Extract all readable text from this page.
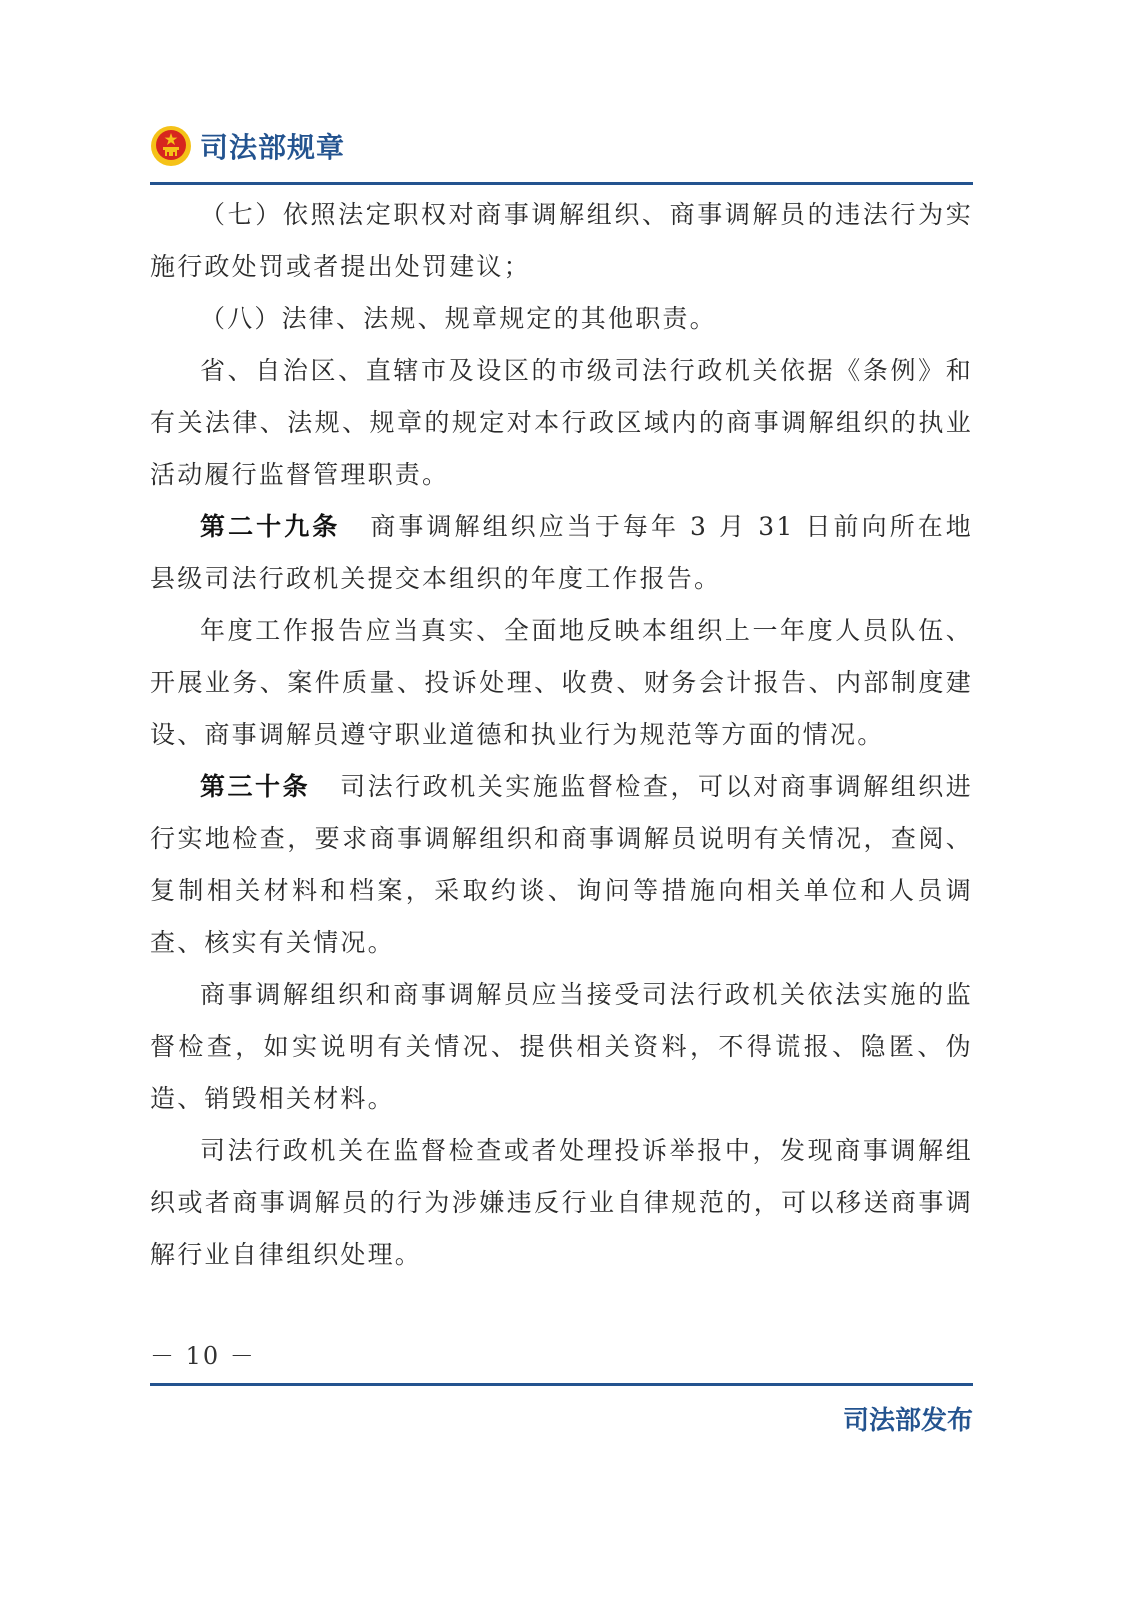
司法部规章

（七）依照法定职权对商事调解组织、商事调解员的违法行为实施行政处罚或者提出处罚建议；

（八）法律、法规、规章规定的其他职责。

省、自治区、直辖市及设区的市级司法行政机关依据《条例》和有关法律、法规、规章的规定对本行政区域内的商事调解组织的执业活动履行监督管理职责。

第二十九条 商事调解组织应当于每年 3 月 31 日前向所在地县级司法行政机关提交本组织的年度工作报告。

年度工作报告应当真实、全面地反映本组织上一年度人员队伍、开展业务、案件质量、投诉处理、收费、财务会计报告、内部制度建设、商事调解员遵守职业道德和执业行为规范等方面的情况。

第三十条 司法行政机关实施监督检查，可以对商事调解组织进行实地检查，要求商事调解组织和商事调解员说明有关情况，查阅、复制相关材料和档案，采取约谈、询问等措施向相关单位和人员调查、核实有关情况。

商事调解组织和商事调解员应当接受司法行政机关依法实施的监督检查，如实说明有关情况、提供相关资料，不得谎报、隐匿、伪造、销毁相关材料。

司法行政机关在监督检查或者处理投诉举报中，发现商事调解组织或者商事调解员的行为涉嫌违反行业自律规范的，可以移送商事调解行业自律组织处理。

－ 10 －
司法部发布
